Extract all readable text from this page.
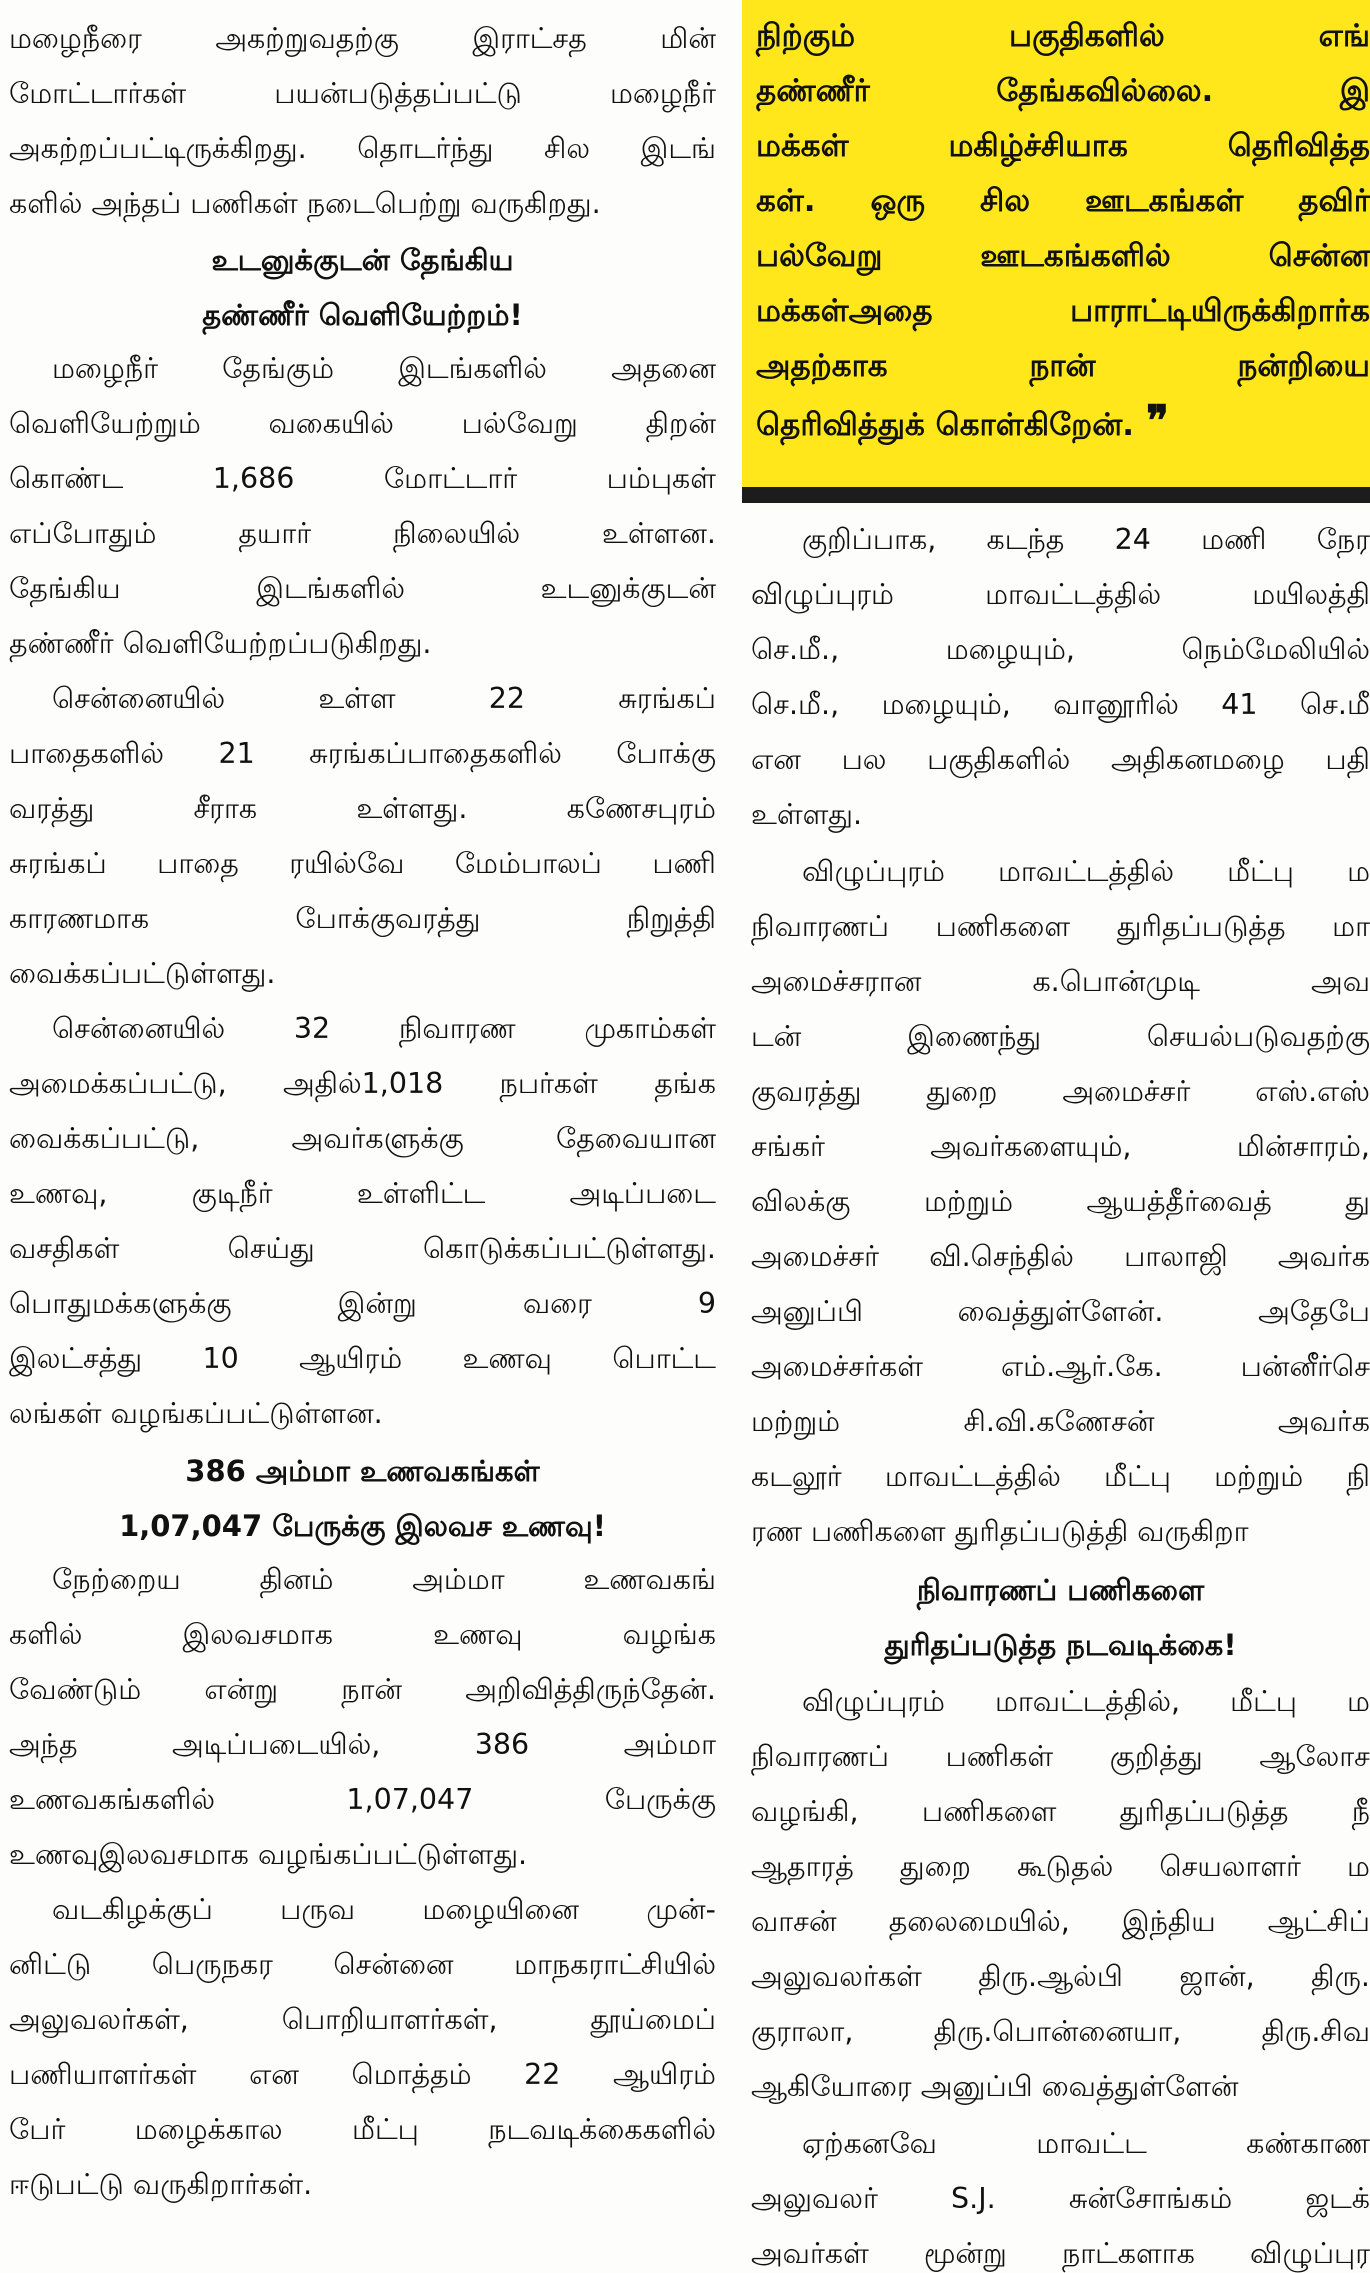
மழைநீரை	அகற்றுவதற்கு	இராட்சத	மின்
மோட்டார்கள்	பயன்படுத்தப்பட்டு	மழைநீர்
அகற்றப்பட்டிருக்கிறது. தொடர்ந்து சில இடங்
களில் அந்தப் பணிகள் நடைபெற்று வருகிறது.
உடனுக்குடன் தேங்கிய
தண்ணீர் வெளியேற்றம்!
மழைநீர் தேங்கும் இடங்களில் அதனை
வெளியேற்றும் வகையில் பல்வேறு திறன்
கொண்ட	1,686	மோட்டார்	பம்புகள்
எப்போதும்	தயார்	நிலையில்	உள்ளன.
தேங்கிய	இடங்களில்	உடனுக்குடன்
தண்ணீர் வெளியேற்றப்படுகிறது.
சென்னையில்	உள்ள	22	சுரங்கப்
பாதைகளில் 21 சுரங்கப்பாதைகளில் போக்கு
வரத்து	சீராக	உள்ளது.	கணேசபுரம்
சுரங்கப் பாதை ரயில்வே மேம்பாலப் பணி
காரணமாக	போக்குவரத்து	நிறுத்தி
வைக்கப்பட்டுள்ளது.
சென்னையில் 32 நிவாரண முகாம்கள்
அமைக்கப்பட்டு, அதில்1,018 நபர்கள் தங்க
வைக்கப்பட்டு,	அவர்களுக்கு	தேவையான
உணவு,	குடிநீர்	உள்ளிட்ட	அடிப்படை
வசதிகள்	செய்து	கொடுக்கப்பட்டுள்ளது.
பொதுமக்களுக்கு	இன்று	வரை	9
இலட்சத்து 10 ஆயிரம் உணவு பொட்ட
லங்கள் வழங்கப்பட்டுள்ளன.
386 அம்மா உணவகங்கள்
1,07,047 பேருக்கு இலவச உணவு!
நேற்றைய	தினம்	அம்மா	உணவகங்
களில்	இலவசமாக	உணவு	வழங்க
வேண்டும் என்று நான் அறிவித்திருந்தேன்.
அந்த	அடிப்படையில்,	386	அம்மா
உணவகங்களில்	1,07,047	பேருக்கு
உணவுஇலவசமாக வழங்கப்பட்டுள்ளது.
வடகிழக்குப் பருவ மழையினை முன்-
னிட்டு பெருநகர சென்னை மாநகராட்சியில்
அலுவலர்கள்,	பொறியாளர்கள்,	தூய்மைப்
பணியாளர்கள் என மொத்தம் 22 ஆயிரம்
பேர் மழைக்கால மீட்பு நடவடிக்கைகளில்
ஈடுபட்டு வருகிறார்கள்.
நிற்கும்	பகுதிகளில்	எங்
தண்ணீர்	தேங்கவில்லை.	இ
மக்கள்	மகிழ்ச்சியாக	தெரிவித்த
கள். ஒரு சில ஊடகங்கள் தவிர்
பல்வேறு	ஊடகங்களில்	சென்ன
மக்கள்அதை	பாராட்டியிருக்கிறார்க
அதற்காக	நான்	நன்றியை
தெரிவித்துக் கொள்கிறேன். ❞
குறிப்பாக, கடந்த 24 மணி நேர
விழுப்புரம்	மாவட்டத்தில்	மயிலத்தி
செ.மீ.,	மழையும்,	நெம்மேலியில்
செ.மீ., மழையும், வானூரில் 41 செ.மீ
என பல பகுதிகளில் அதிகனமழை பதி
உள்ளது.
விழுப்புரம் மாவட்டத்தில் மீட்பு ம
நிவாரணப் பணிகளை துரிதப்படுத்த மா
அமைச்சரான	க.பொன்முடி	அவ
டன்	இணைந்து	செயல்படுவதற்கு
குவரத்து துறை அமைச்சர் எஸ்.எஸ்
சங்கர்	அவர்களையும்,	மின்சாரம்,
விலக்கு	மற்றும்	ஆயத்தீர்வைத்	து
அமைச்சர் வி.செந்தில் பாலாஜி அவர்க
அனுப்பி	வைத்துள்ளேன்.	அதேபே
அமைச்சர்கள்	எம்.ஆர்.கே.	பன்னீர்செ
மற்றும்	சி.வி.கணேசன்	அவர்க
கடலூர் மாவட்டத்தில் மீட்பு மற்றும் நி
ரண பணிகளை துரிதப்படுத்தி வருகிறா
நிவாரணப் பணிகளை
துரிதப்படுத்த நடவடிக்கை!
விழுப்புரம் மாவட்டத்தில், மீட்பு ம
நிவாரணப் பணிகள் குறித்து ஆலோச
வழங்கி, பணிகளை துரிதப்படுத்த நீ
ஆதாரத் துறை கூடுதல் செயலாளர் ம
வாசன் தலைமையில், இந்திய ஆட்சிப்
அலுவலர்கள் திரு.ஆல்பி ஜான், திரு.
குராலா,	திரு.பொன்னையா,	திரு.சிவ
ஆகியோரை அனுப்பி வைத்துள்ளேன்
ஏற்கனவே	மாவட்ட	கண்காண
அலுவலர்	S.J.	சுன்சோங்கம்	ஜடக்
அவர்கள் மூன்று நாட்களாக விழுப்புர
